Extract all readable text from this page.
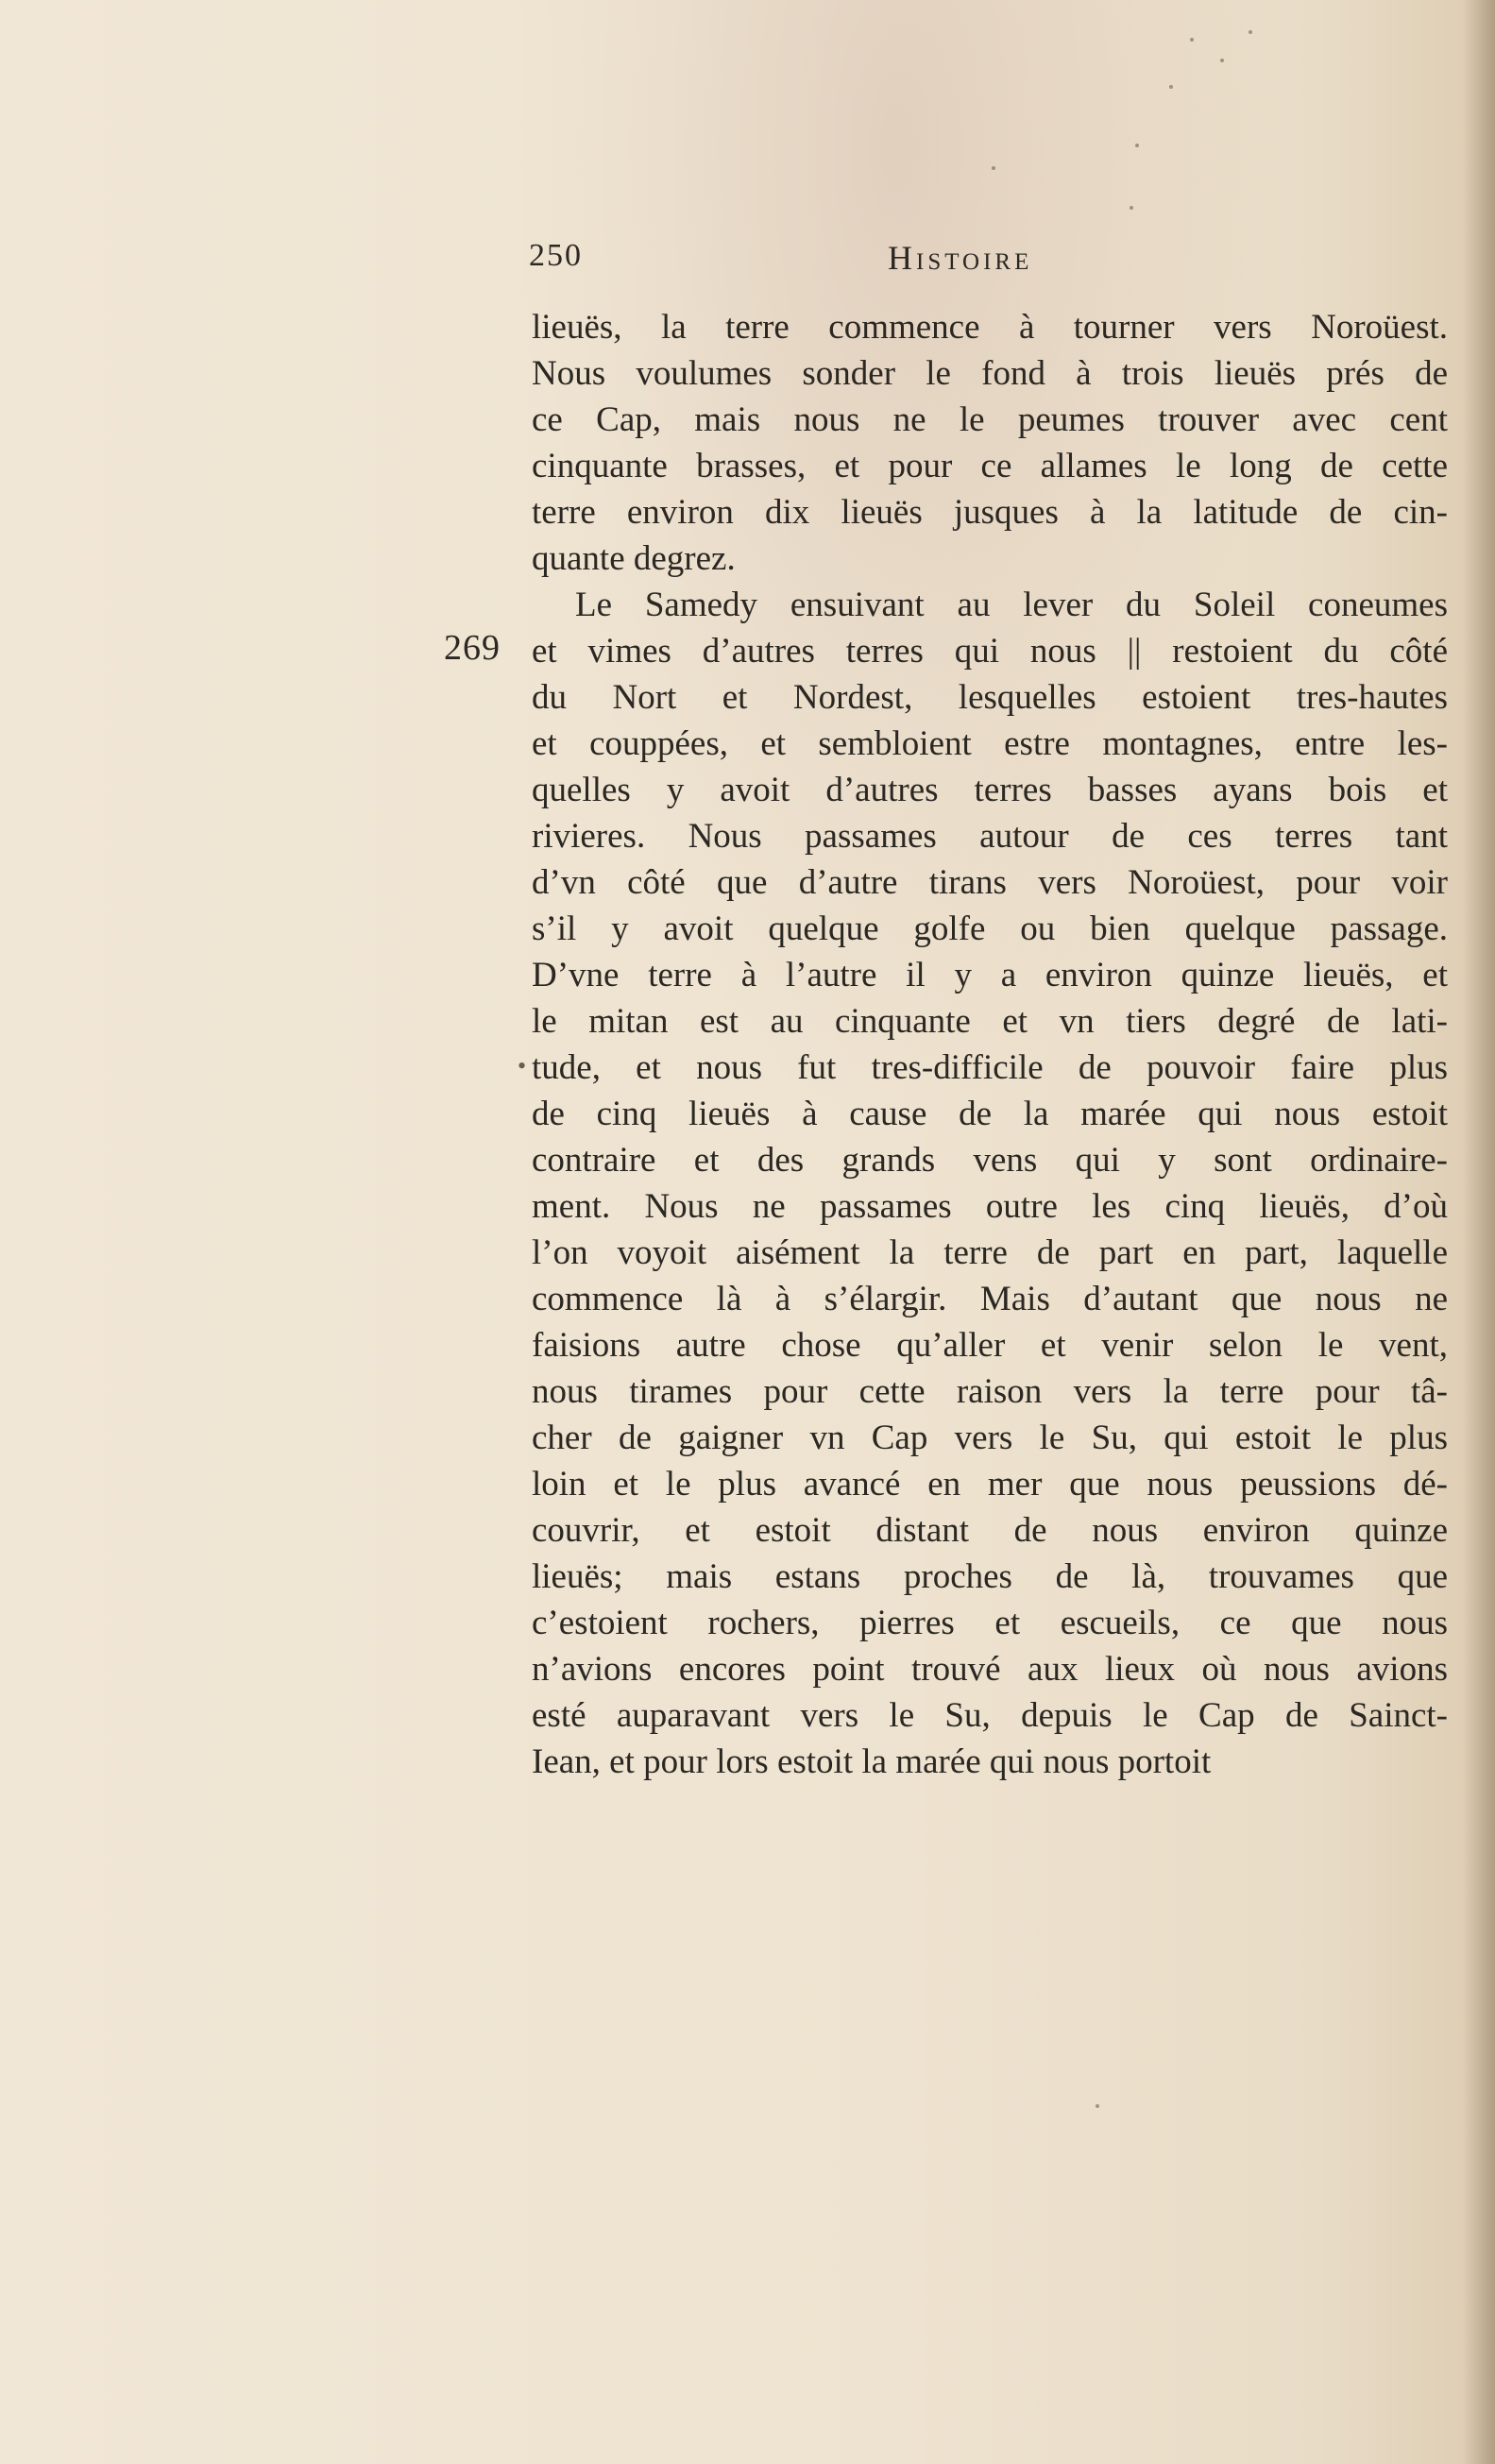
250	Histoire
269
•
lieuës, la terre commence à tourner vers Noroüest.
Nous voulumes sonder le fond à trois lieuës prés de
ce Cap, mais nous ne le peumes trouver avec cent
cinquante brasses, et pour ce allames le long de cette
terre environ dix lieuës jusques à la latitude de cin-
quante degrez.
Le Samedy ensuivant au lever du Soleil coneumes
et vimes d’autres terres qui nous || restoient du côté
du Nort et Nordest, lesquelles estoient tres-hautes
et couppées, et sembloient estre montagnes, entre les-
quelles y avoit d’autres terres basses ayans bois et
rivieres. Nous passames autour de ces terres tant
d’vn côté que d’autre tirans vers Noroüest, pour voir
s’il y avoit quelque golfe ou bien quelque passage.
D’vne terre à l’autre il y a environ quinze lieuës, et
le mitan est au cinquante et vn tiers degré de lati-
tude, et nous fut tres-difficile de pouvoir faire plus
de cinq lieuës à cause de la marée qui nous estoit
contraire et des grands vens qui y sont ordinaire-
ment. Nous ne passames outre les cinq lieuës, d’où
l’on voyoit aisément la terre de part en part, laquelle
commence là à s’élargir. Mais d’autant que nous ne
faisions autre chose qu’aller et venir selon le vent,
nous tirames pour cette raison vers la terre pour tâ-
cher de gaigner vn Cap vers le Su, qui estoit le plus
loin et le plus avancé en mer que nous peussions dé-
couvrir, et estoit distant de nous environ quinze
lieuës; mais estans proches de là, trouvames que
c’estoient rochers, pierres et escueils, ce que nous
n’avions encores point trouvé aux lieux où nous avions
esté auparavant vers le Su, depuis le Cap de Sainct-
Iean, et pour lors estoit la marée qui nous portoit
